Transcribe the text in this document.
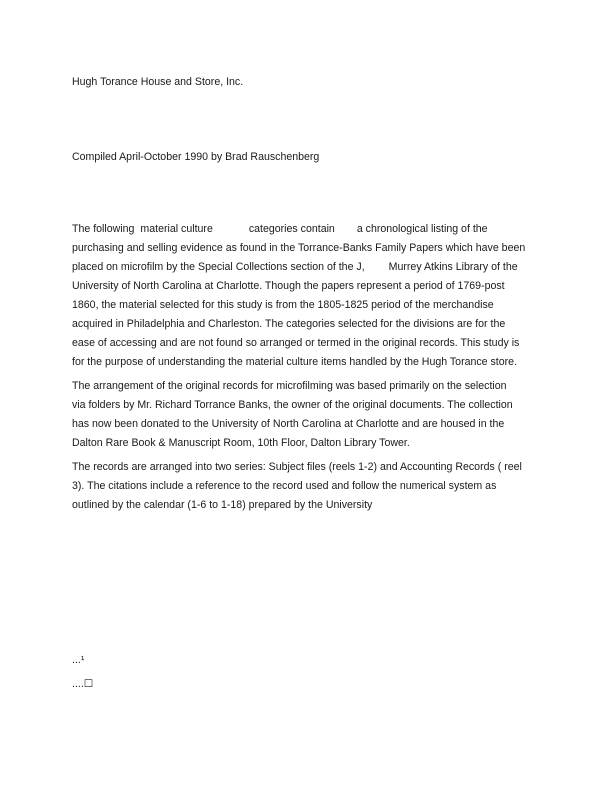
Hugh Torance House and Store, Inc.

Compiled April-October 1990 by Brad Rauschenberg

The following material culture	categories contain a chronological listing of the
purchasing and selling evidence as found in the Torrance-Banks Family Papers which have been
placed on microfilm by the Special Collections section of the J, Murrey Atkins Library of the
University of North Carolina at Charlotte. Though the papers represent a period of 1769-post
1860, the material selected for this study is from the 1805-1825 period of the merchandise
acquired in Philadelphia and Charleston. The categories selected for the divisions are for the
ease of accessing and are not found so arranged or termed in the original records. This study is
for the purpose of understanding the material culture items handled by the Hugh Torance store.
The arrangement of the original records for microfilming was based primarily on the selection
via folders by Mr. Richard Torrance Banks, the owner of the original documents. The collection
has now been donated to the University of North Carolina at Charlotte and are housed in the
Dalton Rare Book & Manuscript Room, 10th Floor, Dalton Library Tower.
The records are arranged into two series: Subject files (reels 1-2) and Accounting Records ( reel
3). The citations include a reference to the record used and follow the numerical system as
outlined by the calendar (1-6 to 1-18) prepared by the University

...¹

....☐
